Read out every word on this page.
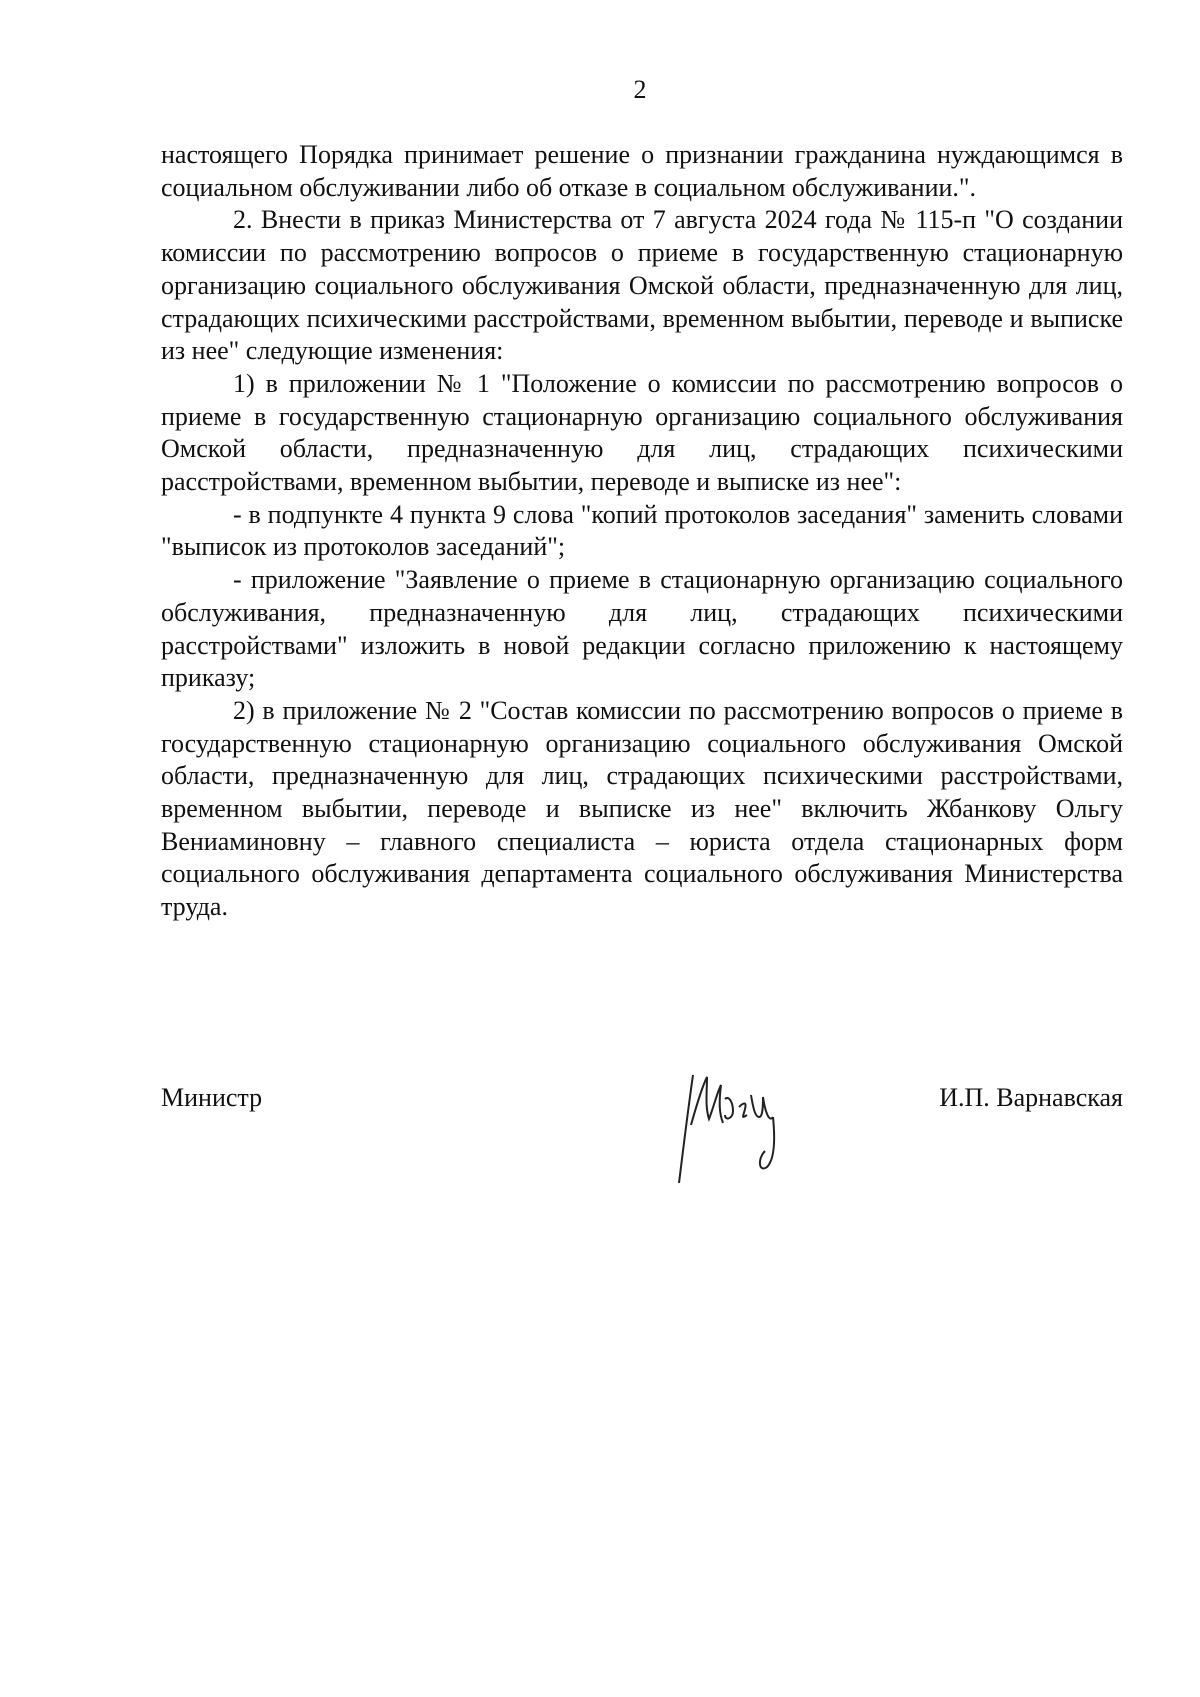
2

настоящего Порядка принимает решение о признании гражданина нуждающимся в социальном обслуживании либо об отказе в социальном обслуживании.".

2. Внести в приказ Министерства от 7 августа 2024 года № 115-п "О создании комиссии по рассмотрению вопросов о приеме в государственную стационарную организацию социального обслуживания Омской области, предназначенную для лиц, страдающих психическими расстройствами, временном выбытии, переводе и выписке из нее" следующие изменения:

1) в приложении № 1 "Положение о комиссии по рассмотрению вопросов о приеме в государственную стационарную организацию социального обслуживания Омской области, предназначенную для лиц, страдающих психическими расстройствами, временном выбытии, переводе и выписке из нее":

- в подпункте 4 пункта 9 слова "копий протоколов заседания" заменить словами "выписок из протоколов заседаний";

- приложение "Заявление о приеме в стационарную организацию социального обслуживания, предназначенную для лиц, страдающих психическими расстройствами" изложить в новой редакции согласно приложению к настоящему приказу;

2) в приложение № 2 "Состав комиссии по рассмотрению вопросов о приеме в государственную стационарную организацию социального обслуживания Омской области, предназначенную для лиц, страдающих психическими расстройствами, временном выбытии, переводе и выписке из нее" включить Жбанкову Ольгу Вениаминовну – главного специалиста – юриста отдела стационарных форм социального обслуживания департамента социального обслуживания Министерства труда.

Министр	И.П. Варнавская
